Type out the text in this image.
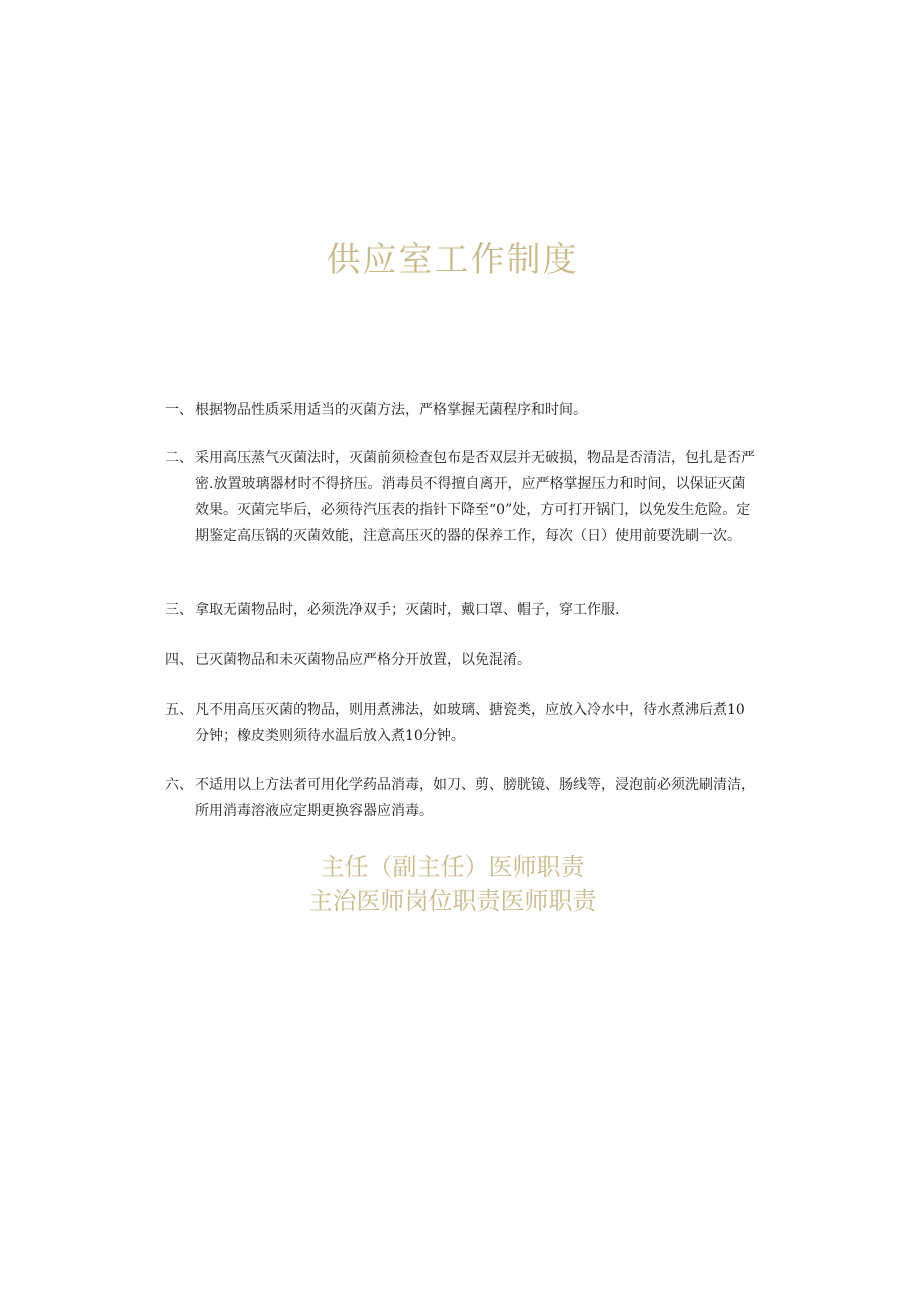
供应室工作制度
一、 根据物品性质采用适当的灭菌方法，严格掌握无菌程序和时间。
二、 采用高压蒸气灭菌法时，灭菌前须检查包布是否双层并无破损，物品是否清洁，包扎是否严密.放置玻璃器材时不得挤压。消毒员不得擅自离开，应严格掌握压力和时间，以保证灭菌效果。灭菌完毕后，必须待汽压表的指针下降至“0”处，方可打开锅门，以免发生危险。定期鉴定高压锅的灭菌效能，注意高压灭的器的保养工作，每次（日）使用前要洗刷一次。
三、 拿取无菌物品时，必须洗净双手；灭菌时，戴口罩、帽子，穿工作服.
四、 已灭菌物品和未灭菌物品应严格分开放置，以免混淆。
五、 凡不用高压灭菌的物品，则用煮沸法，如玻璃、搪瓷类，应放入冷水中，待水煮沸后煮10分钟；橡皮类则须待水温后放入煮10分钟。
六、 不适用以上方法者可用化学药品消毒，如刀、剪、膀胱镜、肠线等，浸泡前必须洗刷清洁，所用消毒溶液应定期更换容器应消毒。
主任（副主任）医师职责
主治医师岗位职责医师职责
